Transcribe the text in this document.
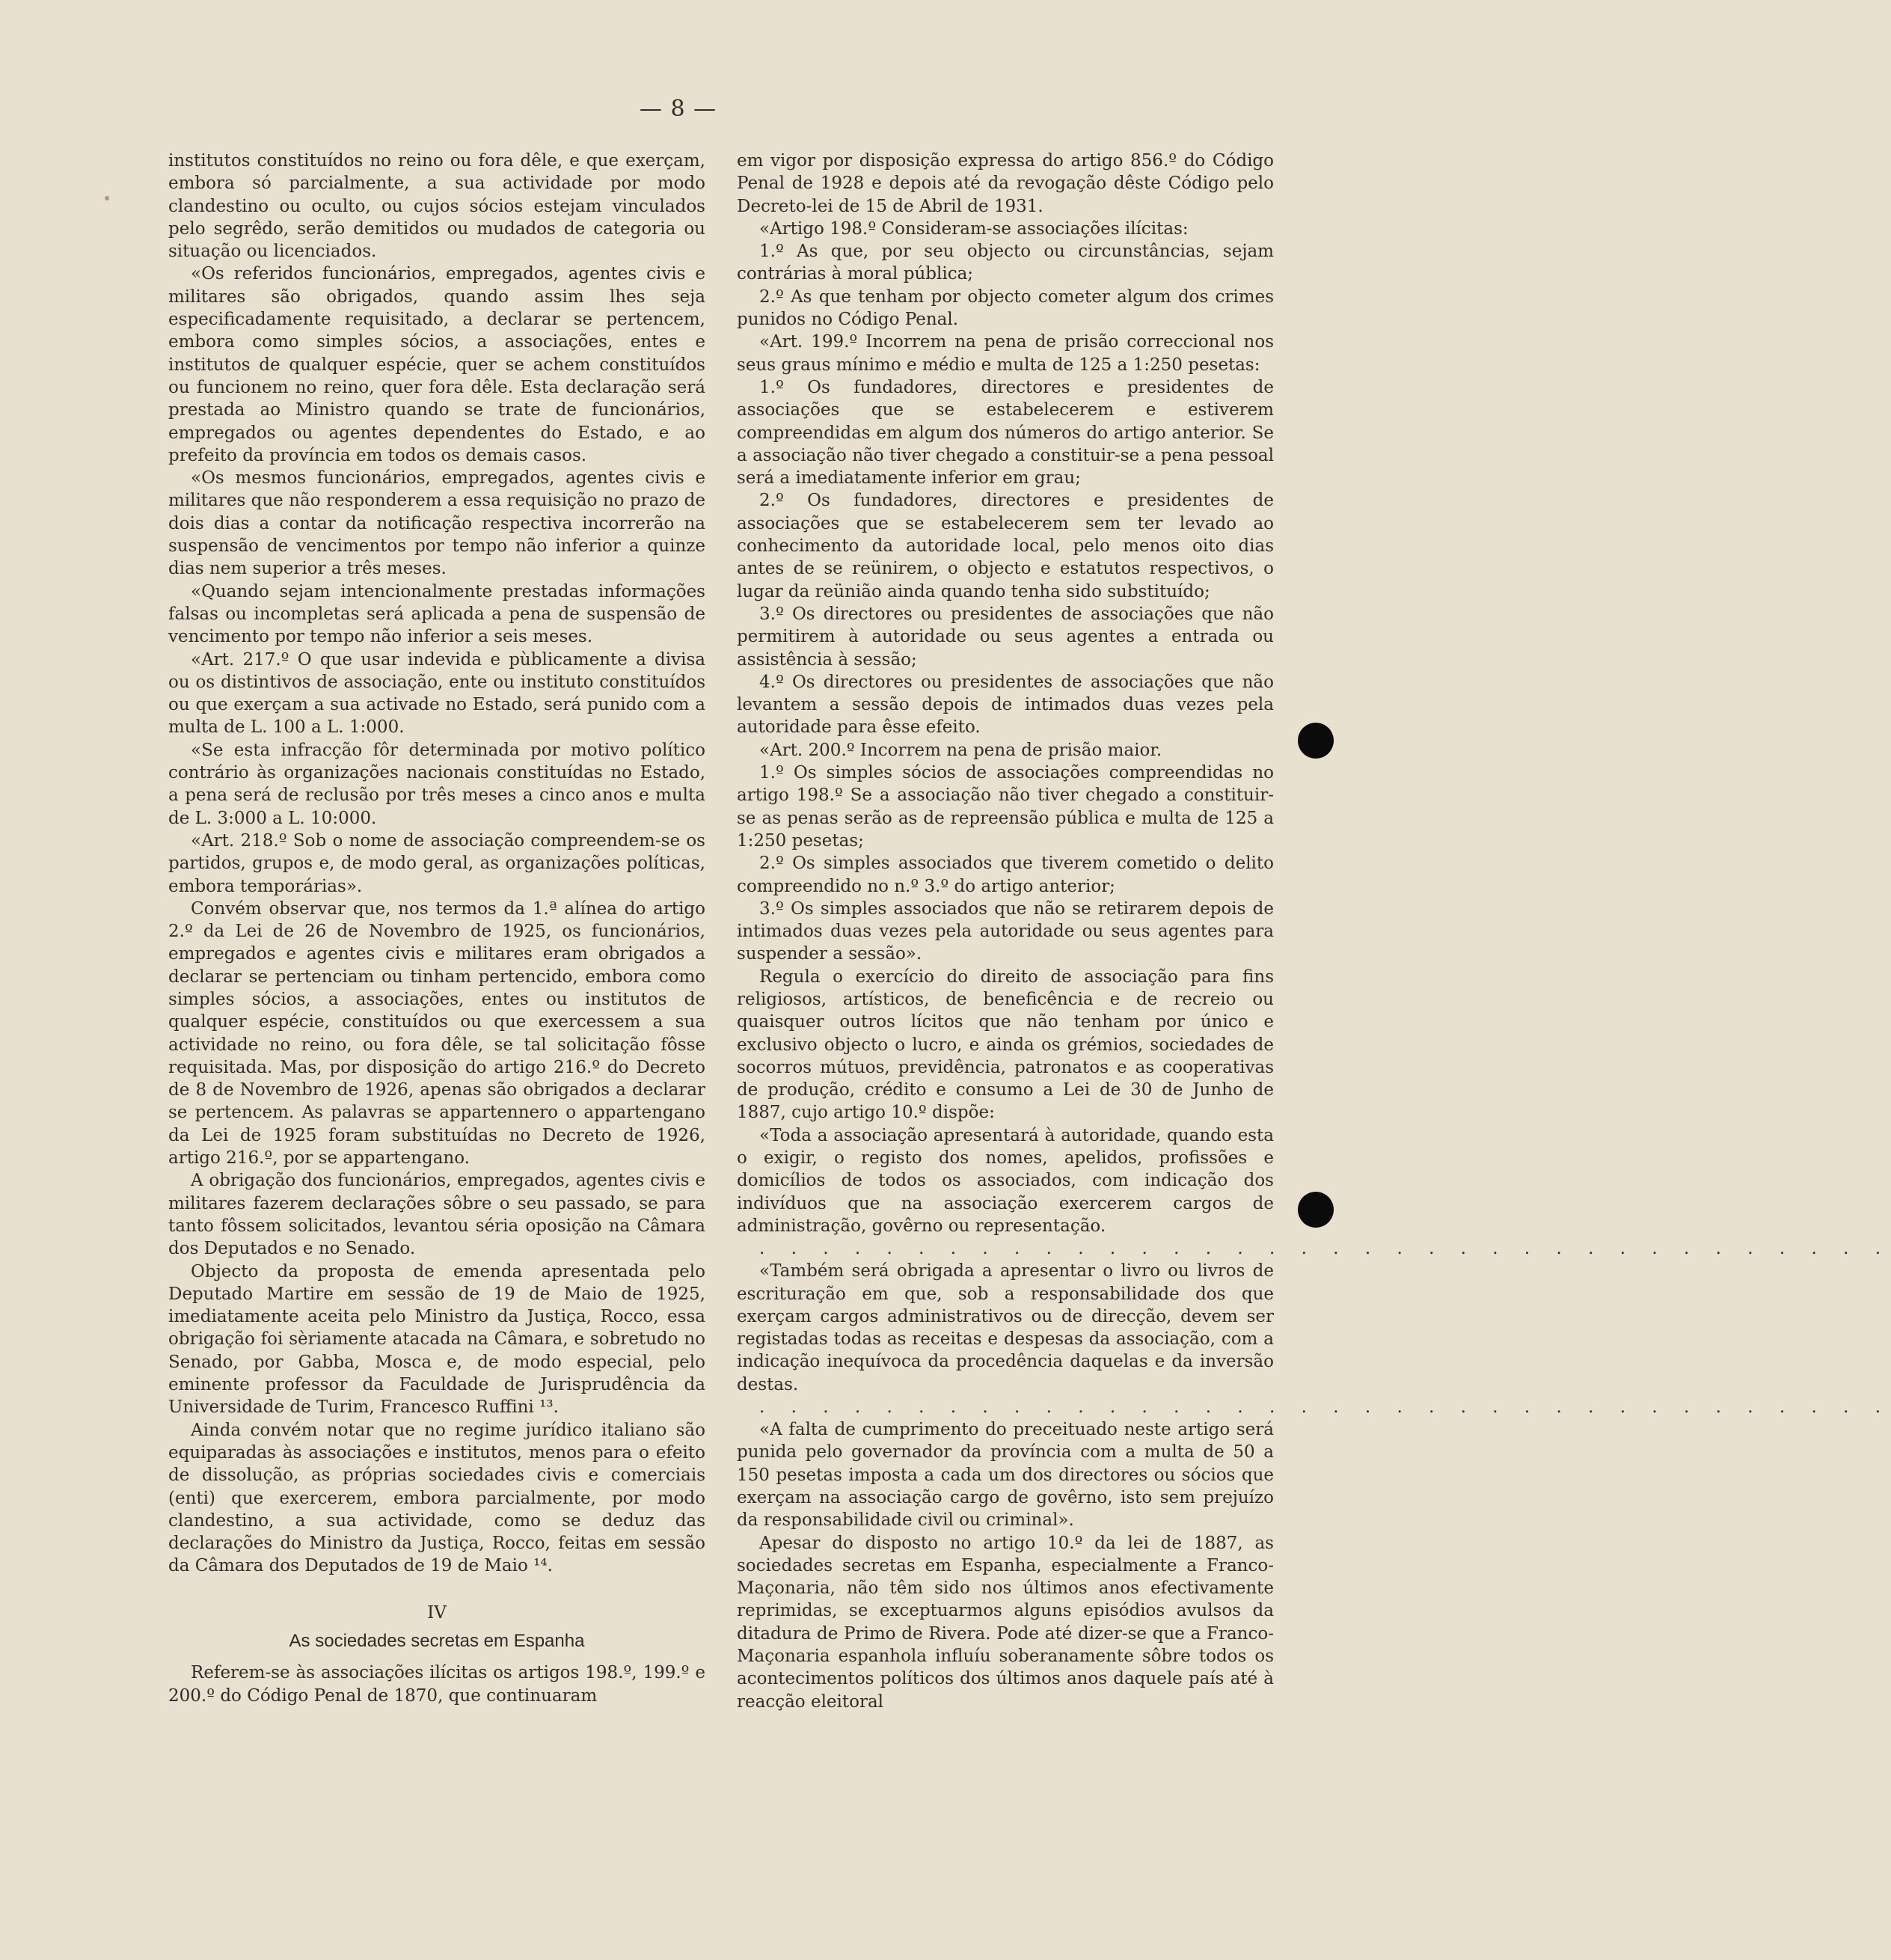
— 8 —

institutos constituídos no reino ou fora dêle, e que exerçam, embora só parcialmente, a sua actividade por modo clandestino ou oculto, ou cujos sócios estejam vinculados pelo segrêdo, serão demitidos ou mudados de categoria ou situação ou licenciados.

«Os referidos funcionários, empregados, agentes civis e militares são obrigados, quando assim lhes seja especificadamente requisitado, a declarar se pertencem, embora como simples sócios, a associações, entes e institutos de qualquer espécie, quer se achem constituídos ou funcionem no reino, quer fora dêle. Esta declaração será prestada ao Ministro quando se trate de funcionários, empregados ou agentes dependentes do Estado, e ao prefeito da província em todos os demais casos.

«Os mesmos funcionários, empregados, agentes civis e militares que não responderem a essa requisição no prazo de dois dias a contar da notificação respectiva incorrerão na suspensão de vencimentos por tempo não inferior a quinze dias nem superior a três meses.

«Quando sejam intencionalmente prestadas informações falsas ou incompletas será aplicada a pena de suspensão de vencimento por tempo não inferior a seis meses.

«Art. 217.º O que usar indevida e pùblicamente a divisa ou os distintivos de associação, ente ou instituto constituídos ou que exerçam a sua activade no Estado, será punido com a multa de L. 100 a L. 1:000.

«Se esta infracção fôr determinada por motivo político contrário às organizações nacionais constituídas no Estado, a pena será de reclusão por três meses a cinco anos e multa de L. 3:000 a L. 10:000.

«Art. 218.º Sob o nome de associação compreendem-se os partidos, grupos e, de modo geral, as organizações políticas, embora temporárias».

Convém observar que, nos termos da 1.ª alínea do artigo 2.º da Lei de 26 de Novembro de 1925, os funcionários, empregados e agentes civis e militares eram obrigados a declarar se pertenciam ou tinham pertencido, embora como simples sócios, a associações, entes ou institutos de qualquer espécie, constituídos ou que exercessem a sua actividade no reino, ou fora dêle, se tal solicitação fôsse requisitada. Mas, por disposição do artigo 216.º do Decreto de 8 de Novembro de 1926, apenas são obrigados a declarar se pertencem. As palavras se appartennero o appartengano da Lei de 1925 foram substituídas no Decreto de 1926, artigo 216.º, por se appartengano.

A obrigação dos funcionários, empregados, agentes civis e militares fazerem declarações sôbre o seu passado, se para tanto fôssem solicitados, levantou séria oposição na Câmara dos Deputados e no Senado.

Objecto da proposta de emenda apresentada pelo Deputado Martire em sessão de 19 de Maio de 1925, imediatamente aceita pelo Ministro da Justiça, Rocco, essa obrigação foi sèriamente atacada na Câmara, e sobretudo no Senado, por Gabba, Mosca e, de modo especial, pelo eminente professor da Faculdade de Jurisprudência da Universidade de Turim, Francesco Ruffini ¹³.

Ainda convém notar que no regime jurídico italiano são equiparadas às associações e institutos, menos para o efeito de dissolução, as próprias sociedades civis e comerciais (enti) que exercerem, embora parcialmente, por modo clandestino, a sua actividade, como se deduz das declarações do Ministro da Justiça, Rocco, feitas em sessão da Câmara dos Deputados de 19 de Maio ¹⁴.

IV
As sociedades secretas em Espanha

Referem-se às associações ilícitas os artigos 198.º, 199.º e 200.º do Código Penal de 1870, que continuaram

em vigor por disposição expressa do artigo 856.º do Código Penal de 1928 e depois até da revogação dêste Código pelo Decreto-lei de 15 de Abril de 1931.

«Artigo 198.º Consideram-se associações ilícitas:

1.º As que, por seu objecto ou circunstâncias, sejam contrárias à moral pública;

2.º As que tenham por objecto cometer algum dos crimes punidos no Código Penal.

«Art. 199.º Incorrem na pena de prisão correccional nos seus graus mínimo e médio e multa de 125 a 1:250 pesetas:

1.º Os fundadores, directores e presidentes de associações que se estabelecerem e estiverem compreendidas em algum dos números do artigo anterior. Se a associação não tiver chegado a constituir-se a pena pessoal será a imediatamente inferior em grau;

2.º Os fundadores, directores e presidentes de associações que se estabelecerem sem ter levado ao conhecimento da autoridade local, pelo menos oito dias antes de se reünirem, o objecto e estatutos respectivos, o lugar da reünião ainda quando tenha sido substituído;

3.º Os directores ou presidentes de associações que não permitirem à autoridade ou seus agentes a entrada ou assistência à sessão;

4.º Os directores ou presidentes de associações que não levantem a sessão depois de intimados duas vezes pela autoridade para êsse efeito.

«Art. 200.º Incorrem na pena de prisão maior.

1.º Os simples sócios de associações compreendidas no artigo 198.º Se a associação não tiver chegado a constituir-se as penas serão as de repreensão pública e multa de 125 a 1:250 pesetas;

2.º Os simples associados que tiverem cometido o delito compreendido no n.º 3.º do artigo anterior;

3.º Os simples associados que não se retirarem depois de intimados duas vezes pela autoridade ou seus agentes para suspender a sessão».

Regula o exercício do direito de associação para fins religiosos, artísticos, de beneficência e de recreio ou quaisquer outros lícitos que não tenham por único e exclusivo objecto o lucro, e ainda os grémios, sociedades de socorros mútuos, previdência, patronatos e as cooperativas de produção, crédito e consumo a Lei de 30 de Junho de 1887, cujo artigo 10.º dispõe:

«Toda a associação apresentará à autoridade, quando esta o exigir, o registo dos nomes, apelidos, profissões e domicílios de todos os associados, com indicação dos indivíduos que na associação exercerem cargos de administração, govêrno ou representação.

. . . . . . . . . . . . . . . . . . . . . . . . . . . . . . . . . . . .

«Também será obrigada a apresentar o livro ou livros de escrituração em que, sob a responsabilidade dos que exerçam cargos administrativos ou de direcção, devem ser registadas todas as receitas e despesas da associação, com a indicação inequívoca da procedência daquelas e da inversão destas.

. . . . . . . . . . . . . . . . . . . . . . . . . . . . . . . . . . . .

«A falta de cumprimento do preceituado neste artigo será punida pelo governador da província com a multa de 50 a 150 pesetas imposta a cada um dos directores ou sócios que exerçam na associação cargo de govêrno, isto sem prejuízo da responsabilidade civil ou criminal».

Apesar do disposto no artigo 10.º da lei de 1887, as sociedades secretas em Espanha, especialmente a Franco-Maçonaria, não têm sido nos últimos anos efectivamente reprimidas, se exceptuarmos alguns episódios avulsos da ditadura de Primo de Rivera. Pode até dizer-se que a Franco-Maçonaria espanhola influíu soberanamente sôbre todos os acontecimentos políticos dos últimos anos daquele país até à reacção eleitoral
